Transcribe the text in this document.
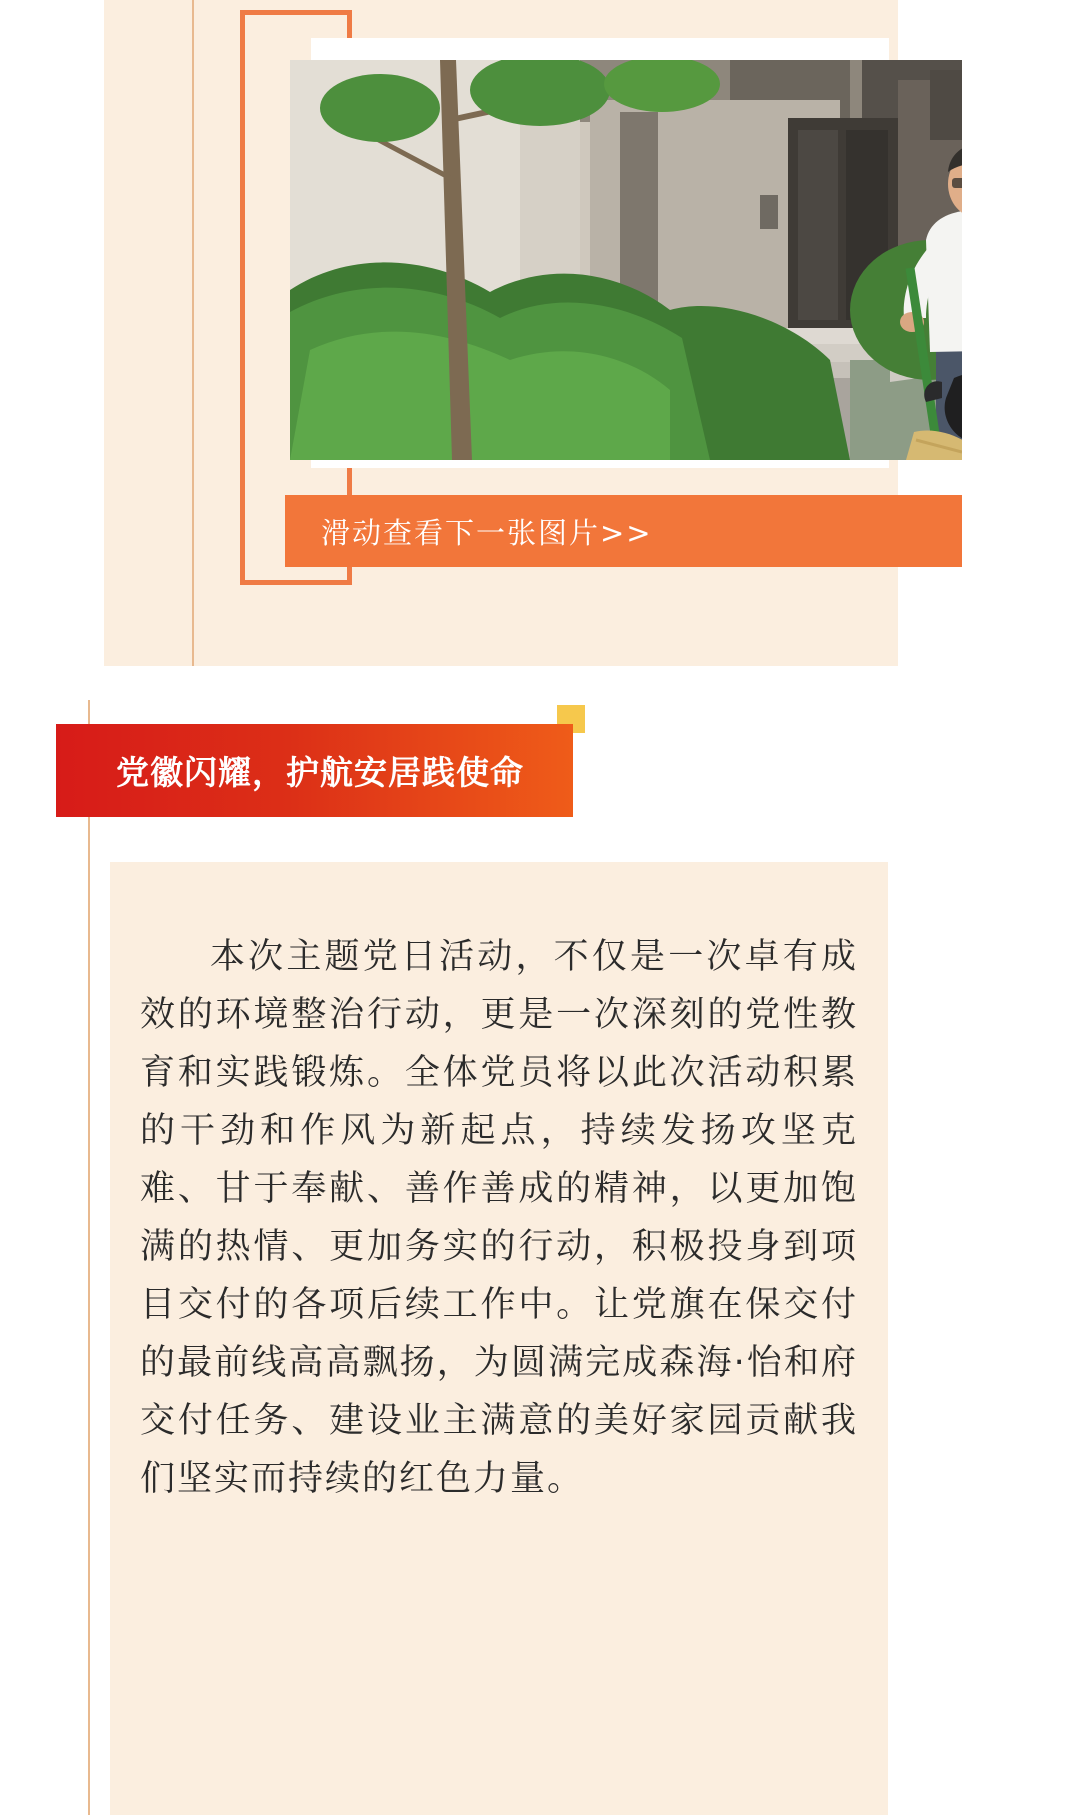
滑动查看下一张图片>>
党徽闪耀，护航安居践使命

本次主题党日活动，不仅是一次卓有成效的环境整治行动，更是一次深刻的党性教育和实践锻炼。全体党员将以此次活动积累的干劲和作风为新起点，持续发扬攻坚克难、甘于奉献、善作善成的精神，以更加饱满的热情、更加务实的行动，积极投身到项目交付的各项后续工作中。让党旗在保交付的最前线高高飘扬，为圆满完成森海·怡和府交付任务、建设业主满意的美好家园贡献我们坚实而持续的红色力量。
